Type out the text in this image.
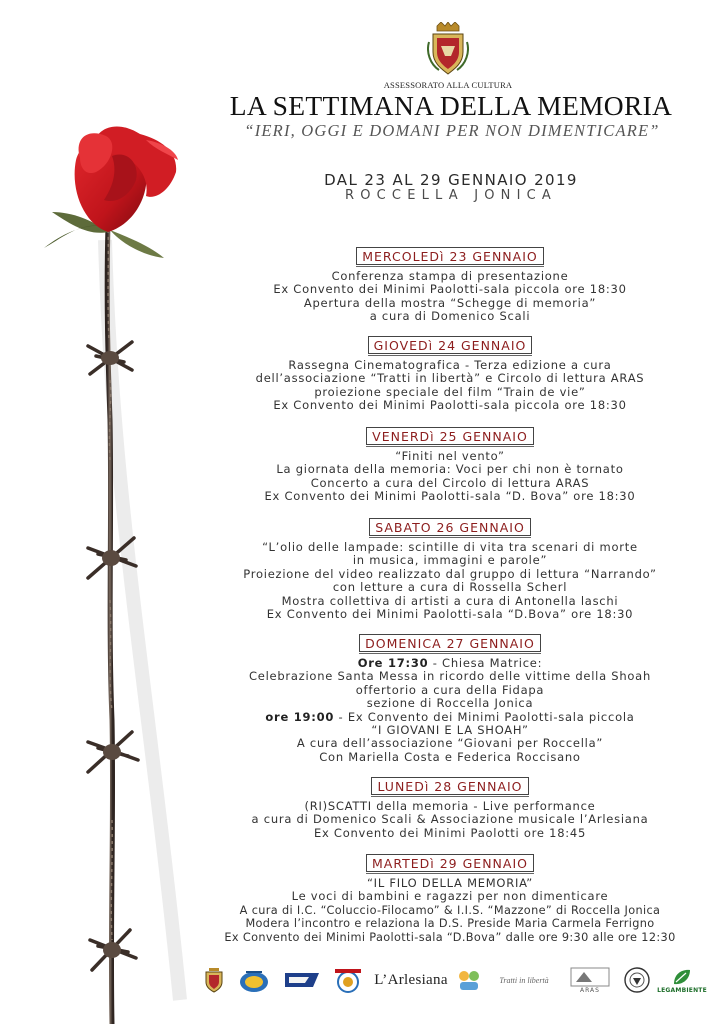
ASSESSORATO ALLA CULTURA
LA SETTIMANA DELLA MEMORIA
“IERI, OGGI E DOMANI PER NON DIMENTICARE”
DAL 23 AL 29 GENNAIO 2019
ROCCELLA JONICA
MERCOLEDì 23 GENNAIO
Conferenza stampa di presentazione
Ex Convento dei Minimi Paolotti-sala piccola ore 18:30
Apertura della mostra “Schegge di memoria”
a cura di Domenico Scali
GIOVEDì 24 GENNAIO
Rassegna Cinematografica - Terza edizione a cura
dell’associazione “Tratti in libertà” e Circolo di lettura ARAS
proiezione speciale del film “Train de vie”
Ex Convento dei Minimi Paolotti-sala piccola ore 18:30
VENERDì 25 GENNAIO
“Finiti nel vento”
La giornata della memoria: Voci per chi non è tornato
Concerto a cura del Circolo di lettura ARAS
Ex Convento dei Minimi Paolotti-sala “D. Bova” ore 18:30
SABATO 26 GENNAIO
“L’olio delle lampade: scintille di vita tra scenari di morte
in musica, immagini e parole”
Proiezione del video realizzato dal gruppo di lettura “Narrando”
con letture a cura di Rossella Scherl
Mostra collettiva di artisti a cura di Antonella laschi
Ex Convento dei Minimi Paolotti-sala “D.Bova” ore 18:30
DOMENICA 27 GENNAIO
Ore 17:30 - Chiesa Matrice:
Celebrazione Santa Messa in ricordo delle vittime della Shoah
offertorio a cura della Fidapa
sezione di Roccella Jonica
ore 19:00 - Ex Convento dei Minimi Paolotti-sala piccola
“I GIOVANI E LA SHOAH”
A cura dell’associazione “Giovani per Roccella”
Con Mariella Costa e Federica Roccisano
LUNEDì 28 GENNAIO
(RI)SCATTI della memoria - Live performance
a cura di Domenico Scali & Associazione musicale l’Arlesiana
Ex Convento dei Minimi Paolotti ore 18:45
MARTEDì 29 GENNAIO
“IL FILO DELLA MEMORIA”
Le voci di bambini e ragazzi per non dimenticare
A cura di I.C. “Coluccio-Filocamo” & I.I.S. “Mazzone” di Roccella Jonica
Modera l’incontro e relaziona la D.S. Preside Maria Carmela Ferrigno
Ex Convento dei Minimi Paolotti-sala “D.Bova” dalle ore 9:30 alle ore 12:30
L’Arlesiana	Tratti in libertà
ARAS	LEGAMBIENTE
